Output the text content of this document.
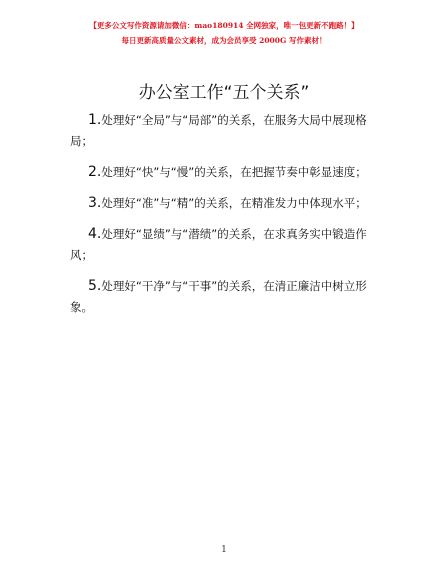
【更多公文写作资源请加微信：mao180914 全网独家，唯一包更新不跑路！】
每日更新高质量公文素材，成为会员享受 2000G 写作素材！
办公室工作“五个关系”

1.处理好“全局”与“局部”的关系，在服务大局中展现格局；

2.处理好“快”与“慢”的关系，在把握节奏中彰显速度；

3.处理好“准”与“精”的关系，在精准发力中体现水平；

4.处理好“显绩”与“潜绩”的关系，在求真务实中锻造作风；

5.处理好“干净”与“干事”的关系，在清正廉洁中树立形象。

1
